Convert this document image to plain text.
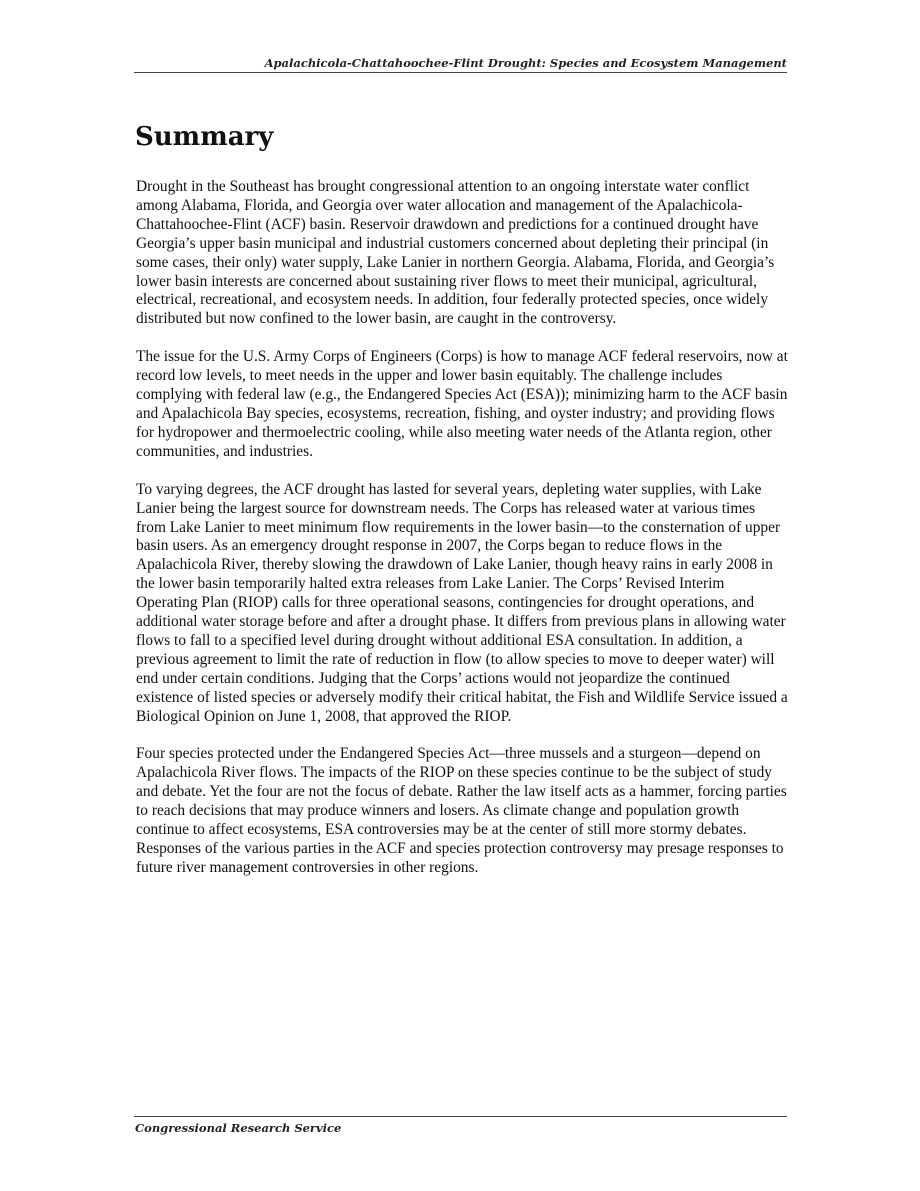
Apalachicola-Chattahoochee-Flint Drought: Species and Ecosystem Management
Summary

Drought in the Southeast has brought congressional attention to an ongoing interstate water conflict among Alabama, Florida, and Georgia over water allocation and management of the Apalachicola-Chattahoochee-Flint (ACF) basin. Reservoir drawdown and predictions for a continued drought have Georgia’s upper basin municipal and industrial customers concerned about depleting their principal (in some cases, their only) water supply, Lake Lanier in northern Georgia. Alabama, Florida, and Georgia’s lower basin interests are concerned about sustaining river flows to meet their municipal, agricultural, electrical, recreational, and ecosystem needs. In addition, four federally protected species, once widely distributed but now confined to the lower basin, are caught in the controversy.

The issue for the U.S. Army Corps of Engineers (Corps) is how to manage ACF federal reservoirs, now at record low levels, to meet needs in the upper and lower basin equitably. The challenge includes complying with federal law (e.g., the Endangered Species Act (ESA)); minimizing harm to the ACF basin and Apalachicola Bay species, ecosystems, recreation, fishing, and oyster industry; and providing flows for hydropower and thermoelectric cooling, while also meeting water needs of the Atlanta region, other communities, and industries.

To varying degrees, the ACF drought has lasted for several years, depleting water supplies, with Lake Lanier being the largest source for downstream needs. The Corps has released water at various times from Lake Lanier to meet minimum flow requirements in the lower basin—to the consternation of upper basin users. As an emergency drought response in 2007, the Corps began to reduce flows in the Apalachicola River, thereby slowing the drawdown of Lake Lanier, though heavy rains in early 2008 in the lower basin temporarily halted extra releases from Lake Lanier. The Corps’ Revised Interim Operating Plan (RIOP) calls for three operational seasons, contingencies for drought operations, and additional water storage before and after a drought phase. It differs from previous plans in allowing water flows to fall to a specified level during drought without additional ESA consultation. In addition, a previous agreement to limit the rate of reduction in flow (to allow species to move to deeper water) will end under certain conditions. Judging that the Corps’ actions would not jeopardize the continued existence of listed species or adversely modify their critical habitat, the Fish and Wildlife Service issued a Biological Opinion on June 1, 2008, that approved the RIOP.

Four species protected under the Endangered Species Act—three mussels and a sturgeon—depend on Apalachicola River flows. The impacts of the RIOP on these species continue to be the subject of study and debate. Yet the four are not the focus of debate. Rather the law itself acts as a hammer, forcing parties to reach decisions that may produce winners and losers. As climate change and population growth continue to affect ecosystems, ESA controversies may be at the center of still more stormy debates. Responses of the various parties in the ACF and species protection controversy may presage responses to future river management controversies in other regions.

Congressional Research Service
